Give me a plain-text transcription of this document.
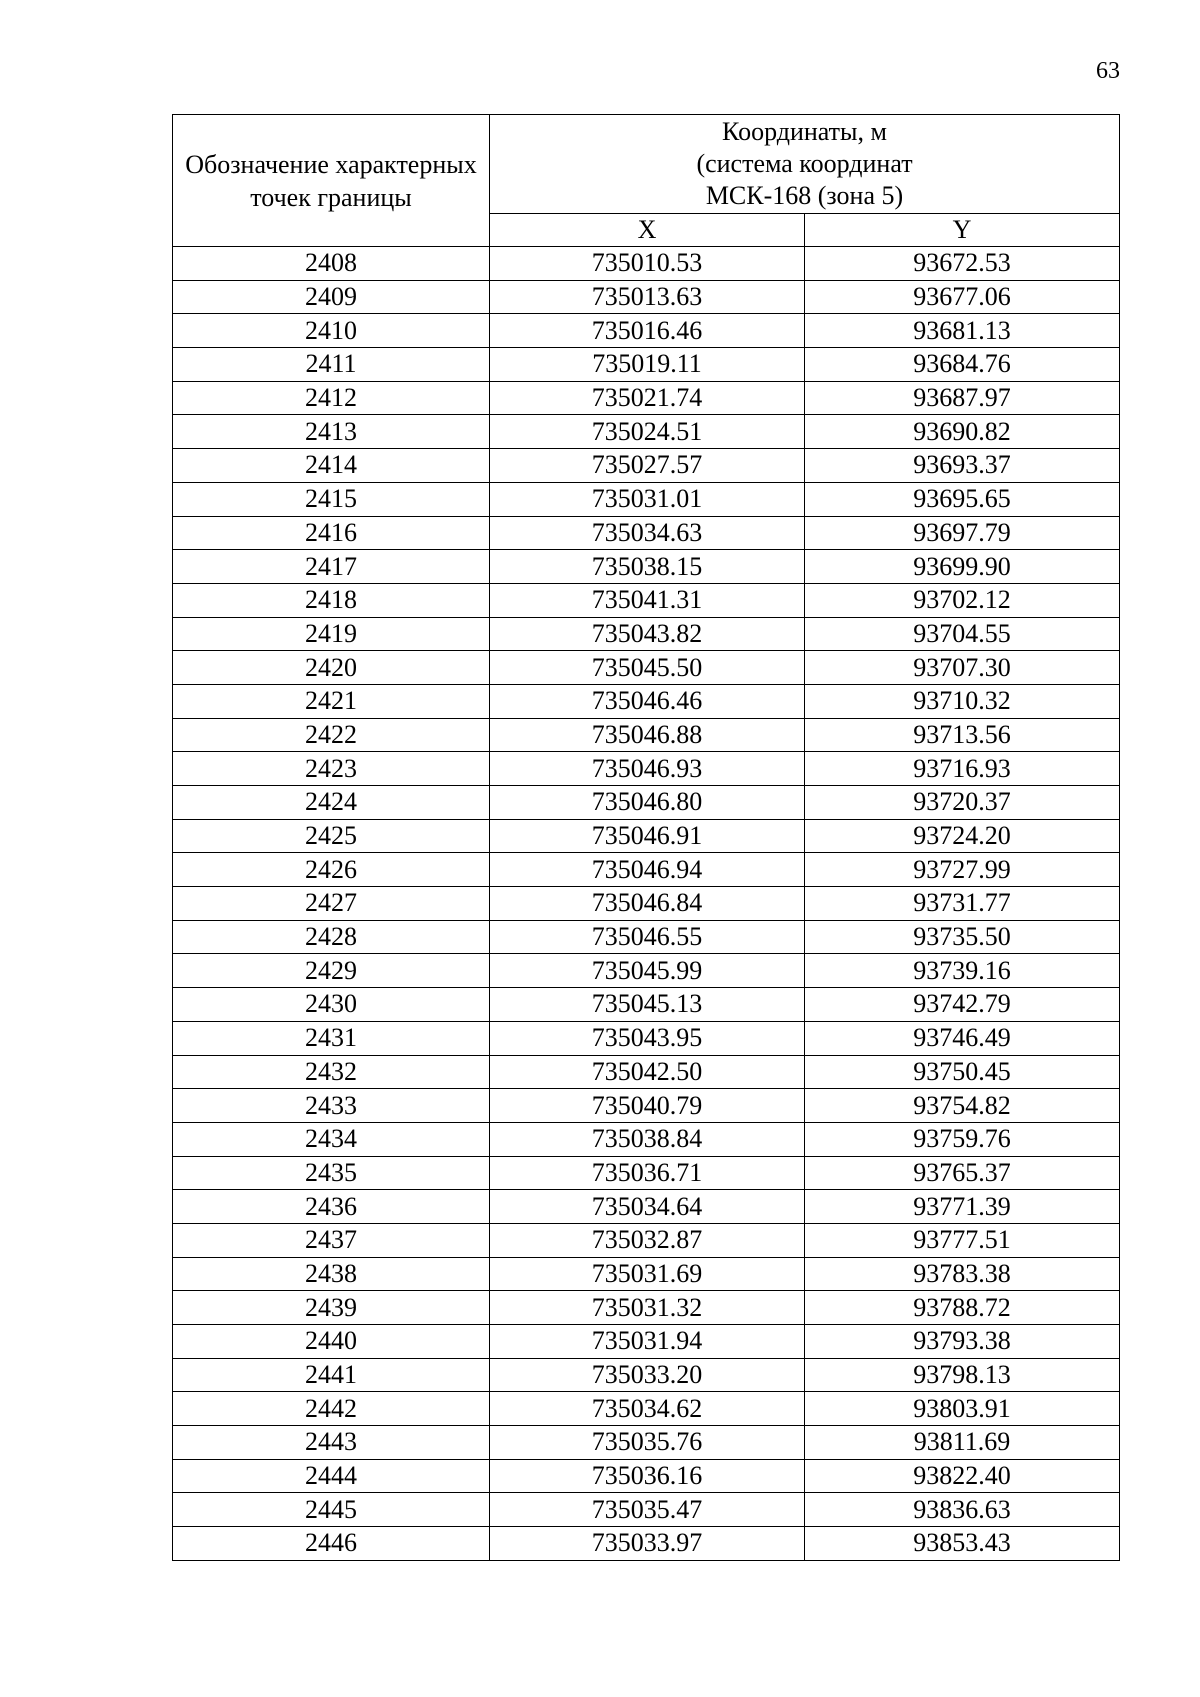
63
Обозначение характерных точек границы	Координаты, м
(система координат
МСК-168 (зона 5)	
	X	Y
2408	735010.53	93672.53
2409	735013.63	93677.06
2410	735016.46	93681.13
2411	735019.11	93684.76
2412	735021.74	93687.97
2413	735024.51	93690.82
2414	735027.57	93693.37
2415	735031.01	93695.65
2416	735034.63	93697.79
2417	735038.15	93699.90
2418	735041.31	93702.12
2419	735043.82	93704.55
2420	735045.50	93707.30
2421	735046.46	93710.32
2422	735046.88	93713.56
2423	735046.93	93716.93
2424	735046.80	93720.37
2425	735046.91	93724.20
2426	735046.94	93727.99
2427	735046.84	93731.77
2428	735046.55	93735.50
2429	735045.99	93739.16
2430	735045.13	93742.79
2431	735043.95	93746.49
2432	735042.50	93750.45
2433	735040.79	93754.82
2434	735038.84	93759.76
2435	735036.71	93765.37
2436	735034.64	93771.39
2437	735032.87	93777.51
2438	735031.69	93783.38
2439	735031.32	93788.72
2440	735031.94	93793.38
2441	735033.20	93798.13
2442	735034.62	93803.91
2443	735035.76	93811.69
2444	735036.16	93822.40
2445	735035.47	93836.63
2446	735033.97	93853.43
